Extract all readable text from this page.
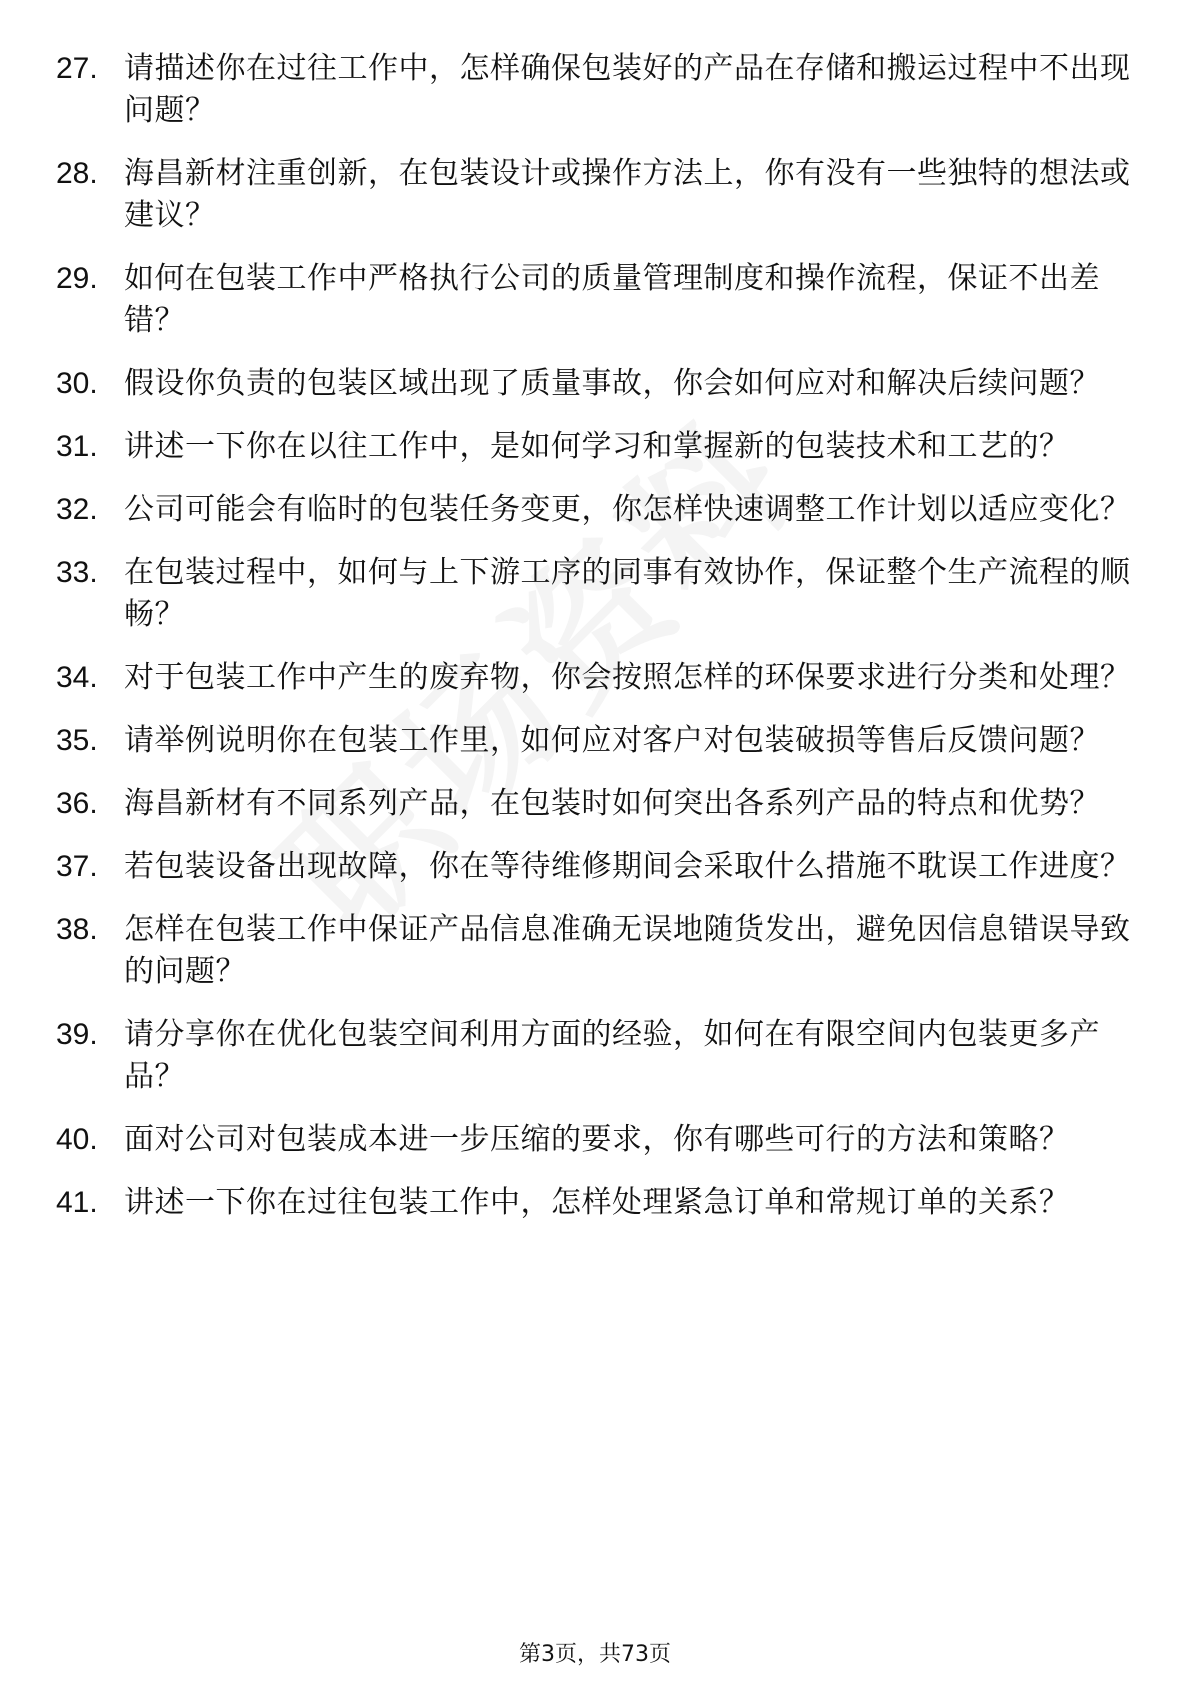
27. 请描述你在过往工作中，怎样确保包装好的产品在存储和搬运过程中不出现问题？
28. 海昌新材注重创新，在包装设计或操作方法上，你有没有一些独特的想法或建议？
29. 如何在包装工作中严格执行公司的质量管理制度和操作流程，保证不出差错？
30. 假设你负责的包装区域出现了质量事故，你会如何应对和解决后续问题？
31. 讲述一下你在以往工作中，是如何学习和掌握新的包装技术和工艺的？
32. 公司可能会有临时的包装任务变更，你怎样快速调整工作计划以适应变化？
33. 在包装过程中，如何与上下游工序的同事有效协作，保证整个生产流程的顺畅？
34. 对于包装工作中产生的废弃物，你会按照怎样的环保要求进行分类和处理？
35. 请举例说明你在包装工作里，如何应对客户对包装破损等售后反馈问题？
36. 海昌新材有不同系列产品，在包装时如何突出各系列产品的特点和优势？
37. 若包装设备出现故障，你在等待维修期间会采取什么措施不耽误工作进度？
38. 怎样在包装工作中保证产品信息准确无误地随货发出，避免因信息错误导致的问题？
39. 请分享你在优化包装空间利用方面的经验，如何在有限空间内包装更多产品？
40. 面对公司对包装成本进一步压缩的要求，你有哪些可行的方法和策略？
41. 讲述一下你在过往包装工作中，怎样处理紧急订单和常规订单的关系？
第3页，共73页
